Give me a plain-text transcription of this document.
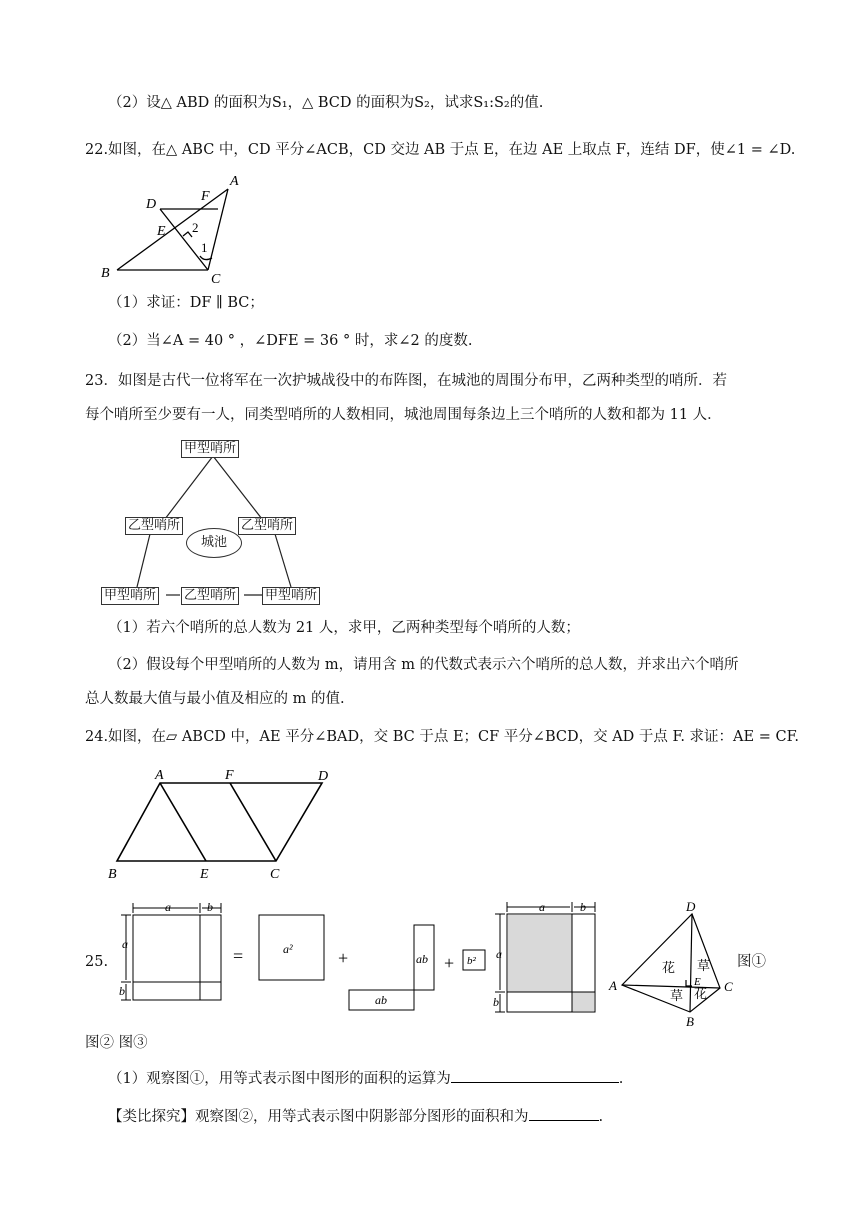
（2）设△ ABD 的面积为S₁，△ BCD 的面积为S₂，试求S₁:S₂的值.
22.如图，在△ ABC 中，CD 平分∠ACB，CD 交边 AB 于点 E，在边 AE 上取点 F，连结 DF，使∠1 = ∠D.
A
B	C
D
E
F
1
2
（1）求证：DF ∥ BC；
（2）当∠A = 40 ° ，∠DFE = 36 ° 时，求∠2 的度数.
23．如图是古代一位将军在一次护城战役中的布阵图，在城池的周围分布甲，乙两种类型的哨所．若
每个哨所至少要有一人，同类型哨所的人数相同，城池周围每条边上三个哨所的人数和都为 11 人．
甲型哨所
乙型哨所	乙型哨所
城池
甲型哨所 乙型哨所 甲型哨所
（1）若六个哨所的总人数为 21 人，求甲，乙两种类型每个哨所的人数；
（2）假设每个甲型哨所的人数为 m，请用含 m 的代数式表示六个哨所的总人数，并求出六个哨所
总人数最大值与最小值及相应的 m 的值.
24.如图，在▱ ABCD 中，AE 平分∠BAD，交 BC 于点 E；CF 平分∠BCD，交 AD 于点 F. 求证：AE = CF.
A	F	D
B	E	C
25.
a	b
a
b
=	a²	+	ab
ab
+ b²
a	b
a
b
D
A
B
C
E
花 草
草 花
图①
图② 图③
（1）观察图①，用等式表示图中图形的面积的运算为	.
【类比探究】观察图②，用等式表示图中阴影部分图形的面积和为	.
